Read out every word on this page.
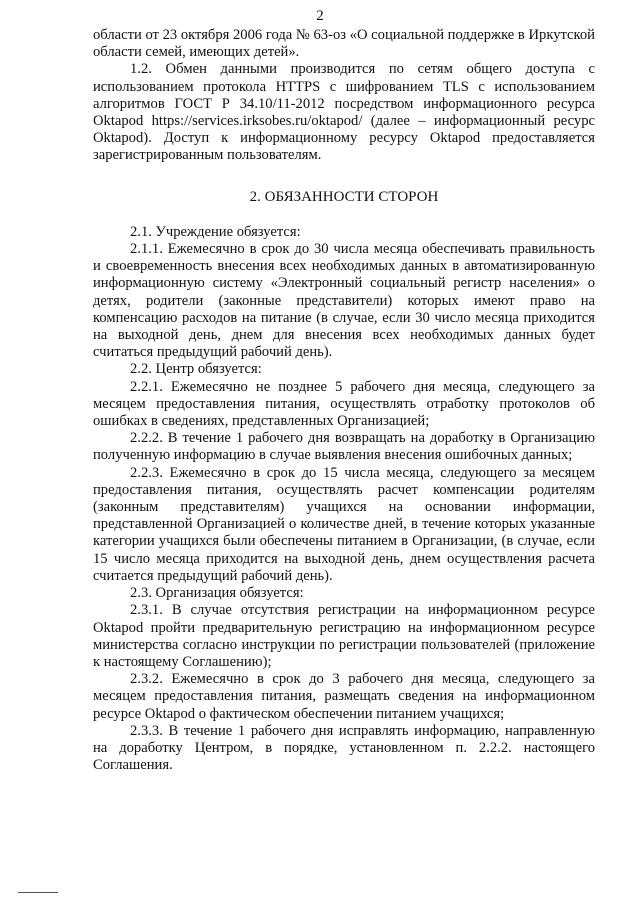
2

области от 23 октября 2006 года № 63-оз «О социальной поддержке в Иркутской области семей, имеющих детей».

1.2. Обмен данными производится по сетям общего доступа с использованием протокола HTTPS с шифрованием TLS с использованием алгоритмов ГОСТ Р 34.10/11-2012 посредством информационного ресурса Oktapod https://services.irksobes.ru/oktapod/ (далее – информационный ресурс Oktapod). Доступ к информационному ресурсу Oktapod предоставляется зарегистрированным пользователям.

2. ОБЯЗАННОСТИ СТОРОН

2.1. Учреждение обязуется:

2.1.1. Ежемесячно в срок до 30 числа месяца обеспечивать правильность и своевременность внесения всех необходимых данных в автоматизированную информационную систему «Электронный социальный регистр населения» о детях, родители (законные представители) которых имеют право на компенсацию расходов на питание (в случае, если 30 число месяца приходится на выходной день, днем для внесения всех необходимых данных будет считаться предыдущий рабочий день).

2.2. Центр обязуется:

2.2.1. Ежемесячно не позднее 5 рабочего дня месяца, следующего за месяцем предоставления питания, осуществлять отработку протоколов об ошибках в сведениях, представленных Организацией;

2.2.2. В течение 1 рабочего дня возвращать на доработку в Организацию полученную информацию в случае выявления внесения ошибочных данных;

2.2.3. Ежемесячно в срок до 15 числа месяца, следующего за месяцем предоставления питания, осуществлять расчет компенсации родителям (законным представителям) учащихся на основании информации, представленной Организацией о количестве дней, в течение которых указанные категории учащихся были обеспечены питанием в Организации, (в случае, если 15 число месяца приходится на выходной день, днем осуществления расчета считается предыдущий рабочий день).

2.3. Организация обязуется:

2.3.1. В случае отсутствия регистрации на информационном ресурсе Oktapod пройти предварительную регистрацию на информационном ресурсе министерства согласно инструкции по регистрации пользователей (приложение к настоящему Соглашению);

2.3.2. Ежемесячно в срок до 3 рабочего дня месяца, следующего за месяцем предоставления питания, размещать сведения на информационном ресурсе Oktapod о фактическом обеспечении питанием учащихся;

2.3.3. В течение 1 рабочего дня исправлять информацию, направленную на доработку Центром, в порядке, установленном п. 2.2.2. настоящего Соглашения.
